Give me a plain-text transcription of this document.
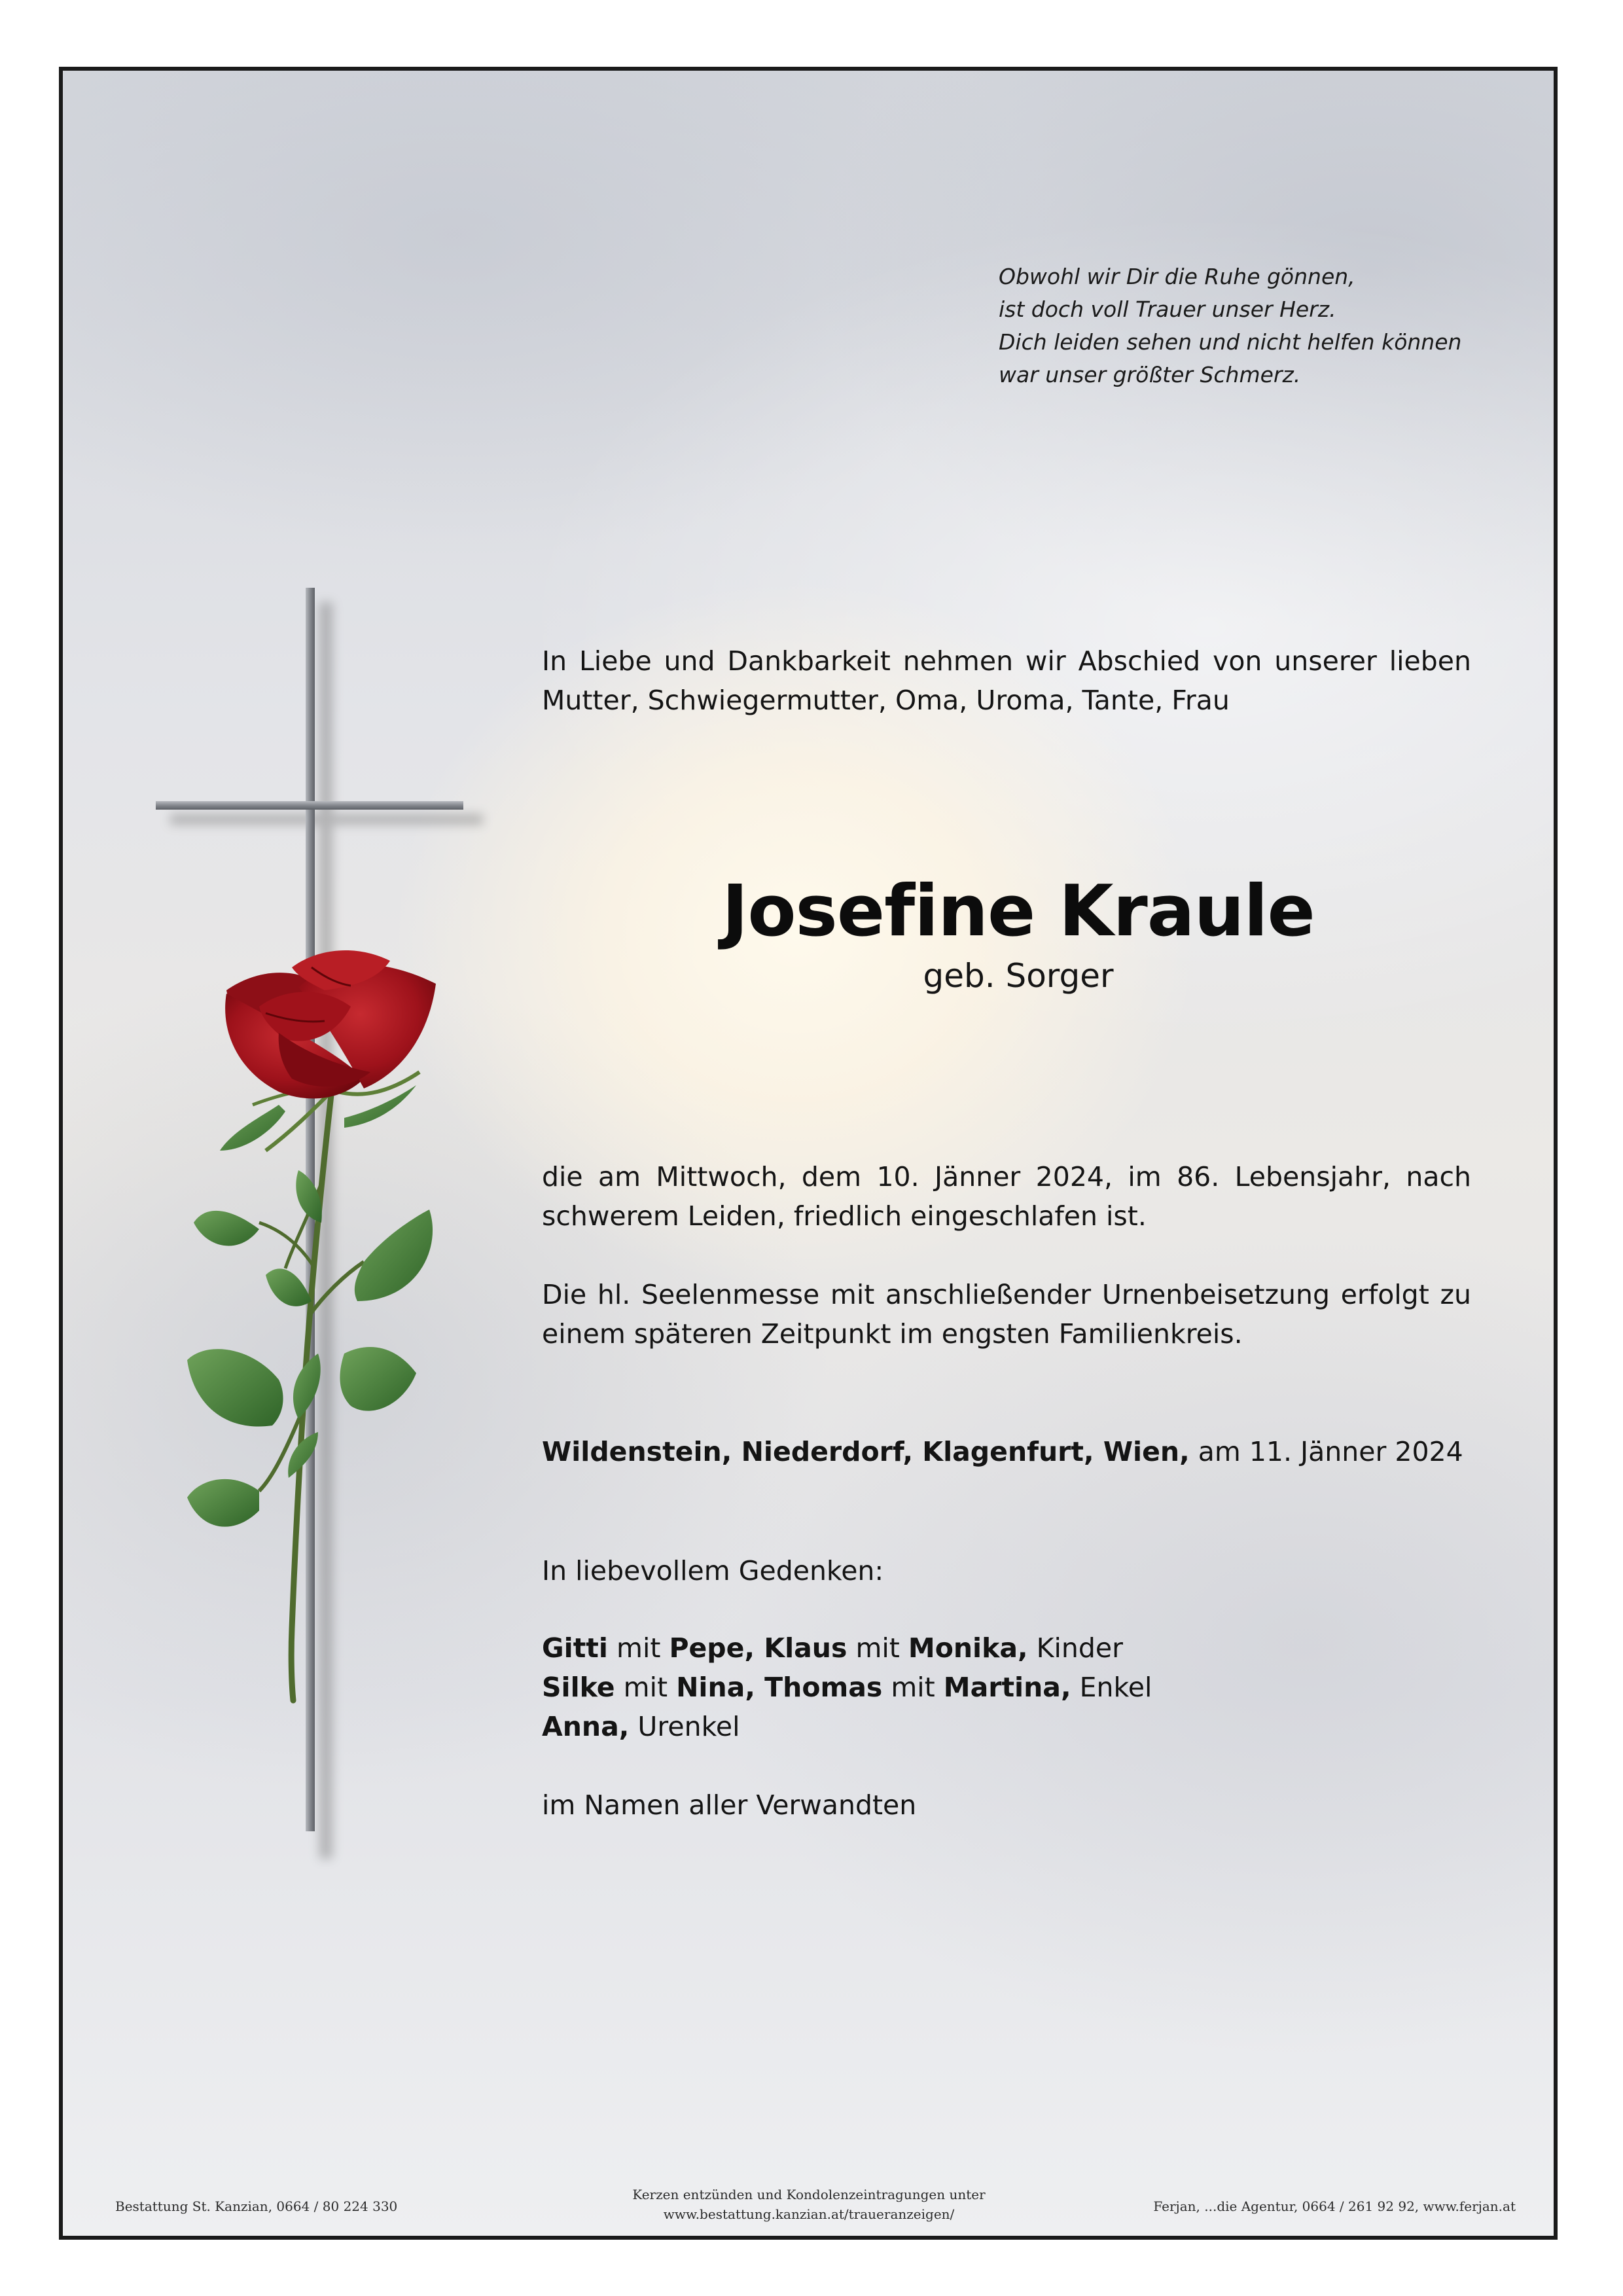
Obwohl wir Dir die Ruhe gönnen,
ist doch voll Trauer unser Herz.
Dich leiden sehen und nicht helfen können
war unser größter Schmerz.
In Liebe und Dankbarkeit nehmen wir Abschied von unserer lieben Mutter, Schwiegermutter, Oma, Uroma, Tante, Frau
Josefine Kraule
geb. Sorger
die am Mittwoch, dem 10. Jänner 2024, im 86. Lebensjahr, nach schwerem Leiden, friedlich eingeschlafen ist.
Die hl. Seelenmesse mit anschließender Urnenbeisetzung erfolgt zu einem späteren Zeitpunkt im engsten Familienkreis.
Wildenstein, Niederdorf, Klagenfurt, Wien, am 11. Jänner 2024
In liebevollem Gedenken:
Gitti mit Pepe, Klaus mit Monika, Kinder
Silke mit Nina, Thomas mit Martina, Enkel
Anna, Urenkel
im Namen aller Verwandten
Bestattung St. Kanzian, 0664 / 80 224 330
Kerzen entzünden und Kondolenzeintragungen unter
www.bestattung.kanzian.at/traueranzeigen/	Ferjan, ...die Agentur, 0664 / 261 92 92, www.ferjan.at
